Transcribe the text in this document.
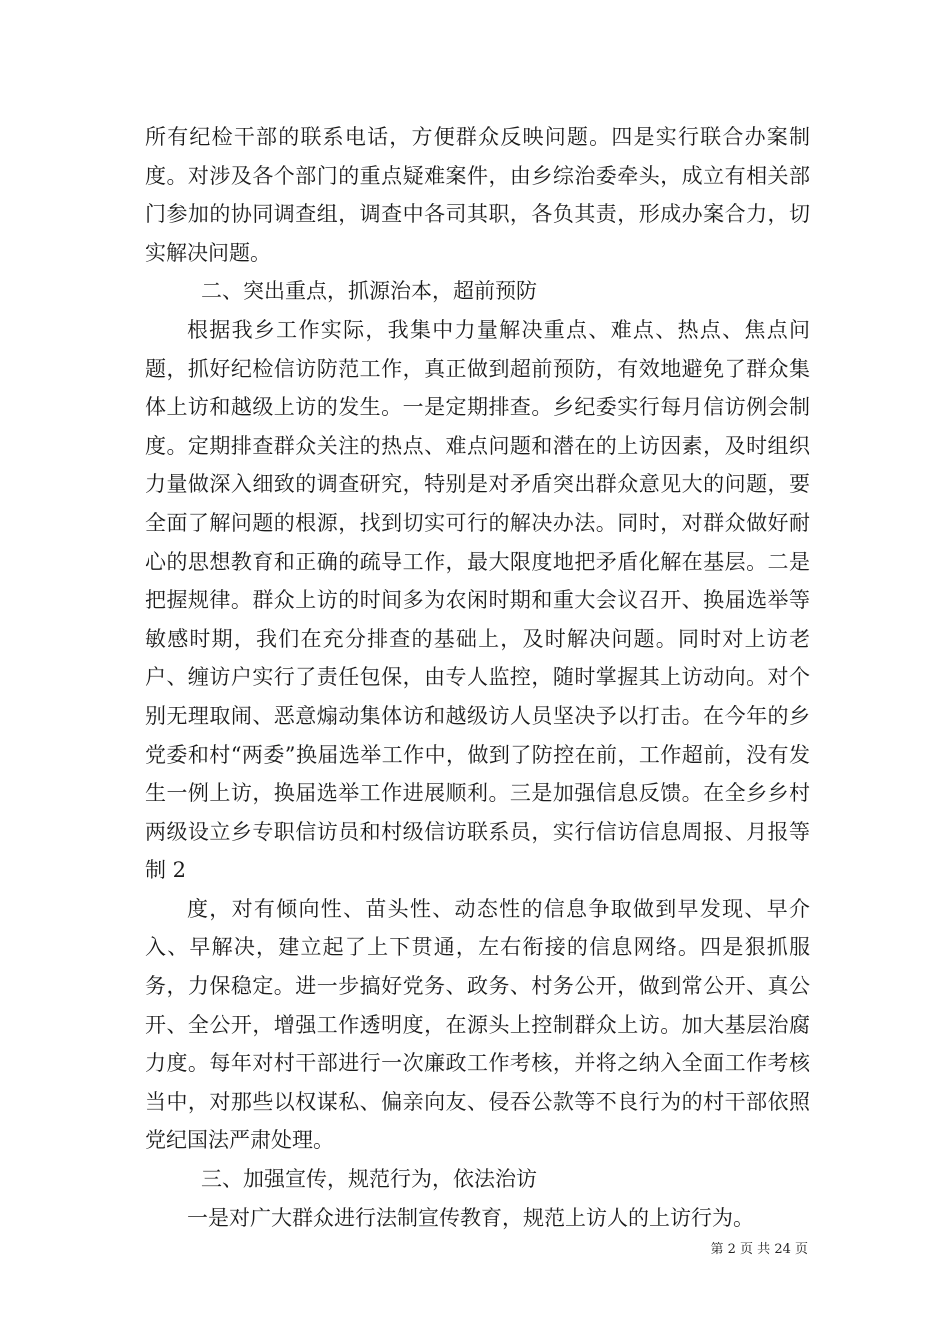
所有纪检干部的联系电话，方便群众反映问题。四是实行联合办案制度。对涉及各个部门的重点疑难案件，由乡综治委牵头，成立有相关部门参加的协同调查组，调查中各司其职，各负其责，形成办案合力，切实解决问题。

二、突出重点，抓源治本，超前预防

根据我乡工作实际，我集中力量解决重点、难点、热点、焦点问题，抓好纪检信访防范工作，真正做到超前预防，有效地避免了群众集体上访和越级上访的发生。一是定期排查。乡纪委实行每月信访例会制度。定期排查群众关注的热点、难点问题和潜在的上访因素，及时组织力量做深入细致的调查研究，特别是对矛盾突出群众意见大的问题，要全面了解问题的根源，找到切实可行的解决办法。同时，对群众做好耐心的思想教育和正确的疏导工作，最大限度地把矛盾化解在基层。二是把握规律。群众上访的时间多为农闲时期和重大会议召开、换届选举等敏感时期，我们在充分排查的基础上，及时解决问题。同时对上访老户、缠访户实行了责任包保，由专人监控，随时掌握其上访动向。对个别无理取闹、恶意煽动集体访和越级访人员坚决予以打击。在今年的乡党委和村“两委”换届选举工作中，做到了防控在前，工作超前，没有发生一例上访，换届选举工作进展顺利。三是加强信息反馈。在全乡乡村两级设立乡专职信访员和村级信访联系员，实行信访信息周报、月报等制 2

度，对有倾向性、苗头性、动态性的信息争取做到早发现、早介入、早解决，建立起了上下贯通，左右衔接的信息网络。四是狠抓服务，力保稳定。进一步搞好党务、政务、村务公开，做到常公开、真公开、全公开，增强工作透明度，在源头上控制群众上访。加大基层治腐力度。每年对村干部进行一次廉政工作考核，并将之纳入全面工作考核当中，对那些以权谋私、偏亲向友、侵吞公款等不良行为的村干部依照党纪国法严肃处理。

三、加强宣传，规范行为，依法治访

一是对广大群众进行法制宣传教育，规范上访人的上访行为。

第 2 页 共 24 页
